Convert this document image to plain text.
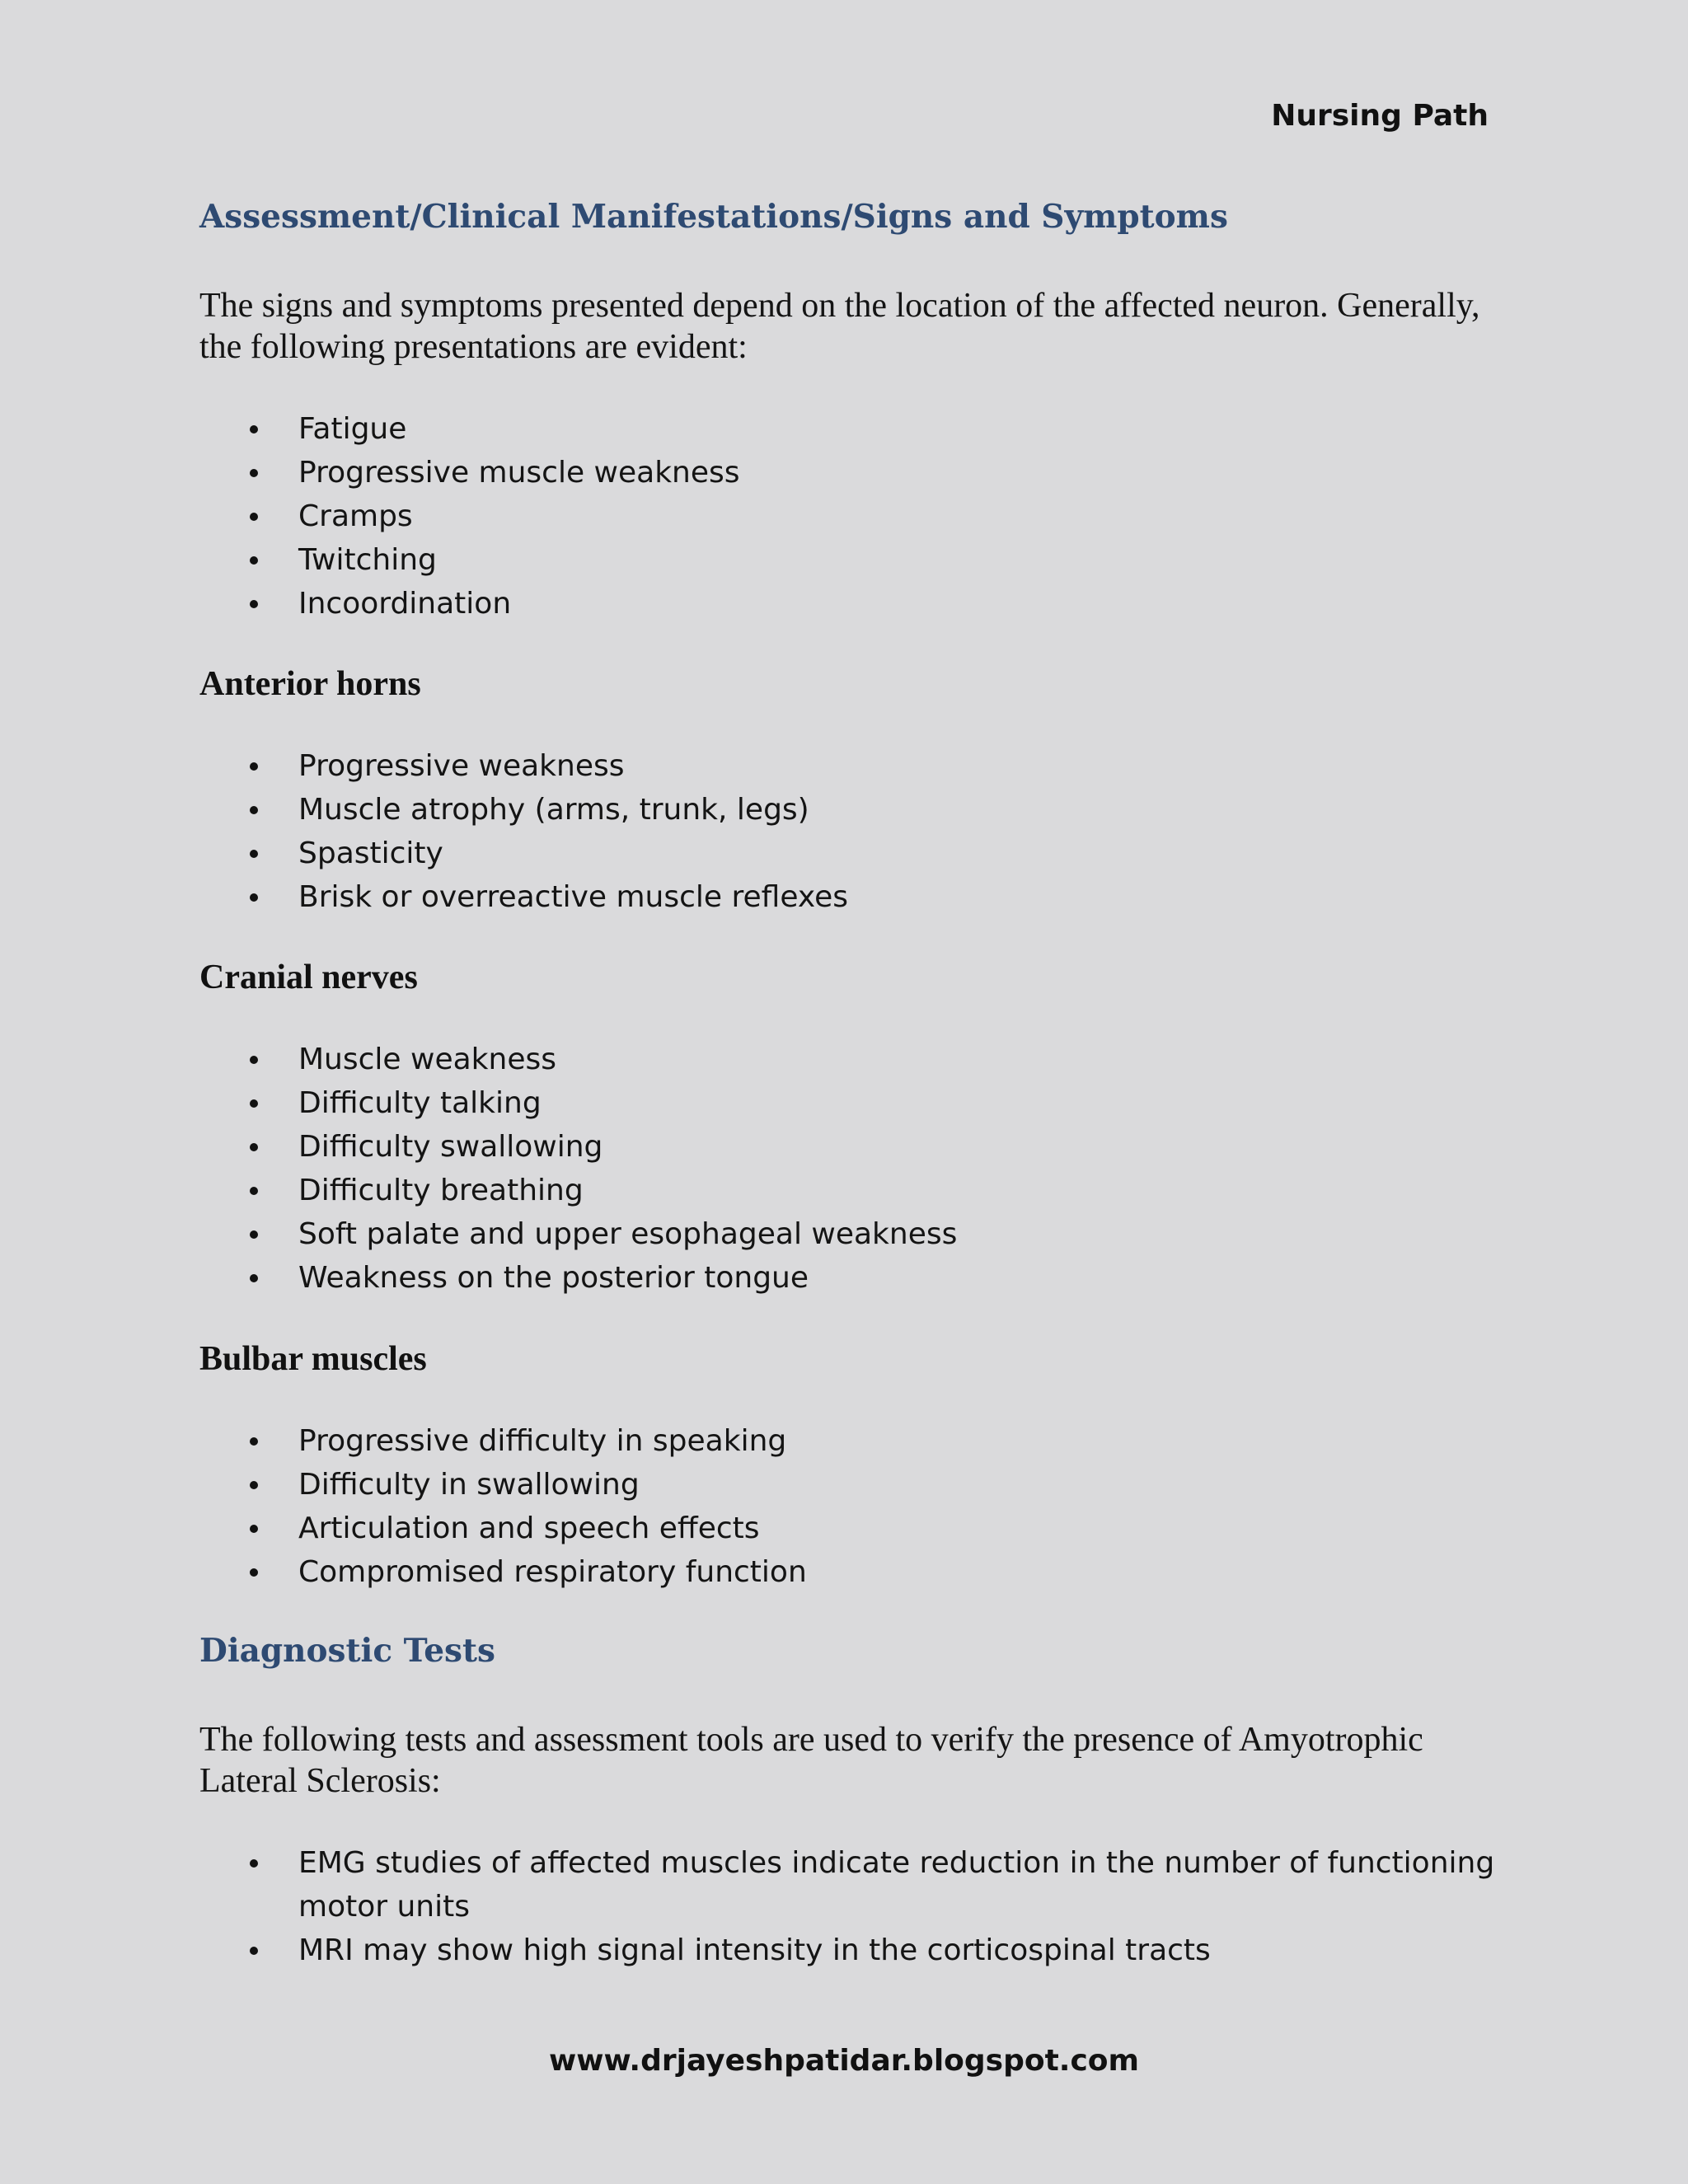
Nursing Path
Assessment/Clinical Manifestations/Signs and Symptoms

The signs and symptoms presented depend on the location of the affected neuron. Generally, the following presentations are evident:

Fatigue
Progressive muscle weakness
Cramps
Twitching
Incoordination
Anterior horns
Progressive weakness
Muscle atrophy (arms, trunk, legs)
Spasticity
Brisk or overreactive muscle reflexes
Cranial nerves
Muscle weakness
Difficulty talking
Difficulty swallowing
Difficulty breathing
Soft palate and upper esophageal weakness
Weakness on the posterior tongue
Bulbar muscles
Progressive difficulty in speaking
Difficulty in swallowing
Articulation and speech effects
Compromised respiratory function
Diagnostic Tests

The following tests and assessment tools are used to verify the presence of Amyotrophic Lateral Sclerosis:

EMG studies of affected muscles indicate reduction in the number of functioning motor units
MRI may show high signal intensity in the corticospinal tracts
www.drjayeshpatidar.blogspot.com
